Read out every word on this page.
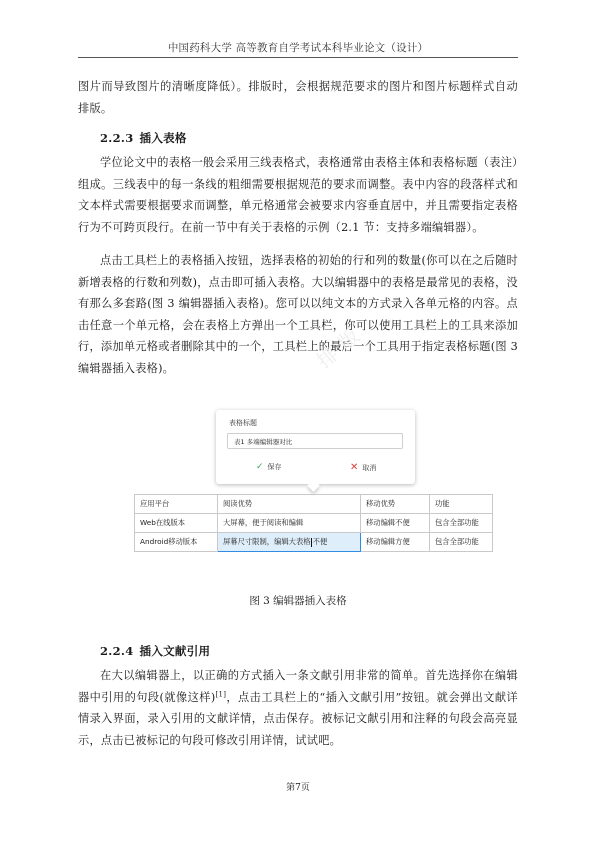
中国药科大学 高等教育自学考试本科毕业论文（设计）
图片而导致图片的清晰度降低）。排版时，会根据规范要求的图片和图片标题样式自动排版。
2.2.3 插入表格
学位论文中的表格一般会采用三线表格式，表格通常由表格主体和表格标题（表注）组成。三线表中的每一条线的粗细需要根据规范的要求而调整。表中内容的段落样式和文本样式需要根据要求而调整，单元格通常会被要求内容垂直居中，并且需要指定表格行为不可跨页段行。在前一节中有关于表格的示例（2.1 节：支持多端编辑器）。
点击工具栏上的表格插入按钮，选择表格的初始的行和列的数量(你可以在之后随时新增表格的行数和列数)，点击即可插入表格。大以编辑器中的表格是最常见的表格，没有那么多套路(图 3 编辑器插入表格)。您可以以纯文本的方式录入各单元格的内容。点击任意一个单元格，会在表格上方弹出一个工具栏，你可以使用工具栏上的工具来添加行，添加单元格或者删除其中的一个，工具栏上的最后一个工具用于指定表格标题(图 3 编辑器插入表格)。	排版
表格标题
表1 多端编辑器对比
✓ 保存	✕ 取消
应用平台	阅读优势	移动优势	功能
Web在线版本	大屏幕，便于阅读和编辑	移动编辑不便	包含全部功能
Android移动版本	屏幕尺寸限制，编辑大表格 不便	移动编辑方便	包含全部功能
图 3 编辑器插入表格
2.2.4 插入文献引用
在大以编辑器上，以正确的方式插入一条文献引用非常的简单。首先选择你在编辑器中引用的句段(就像这样)[1]，点击工具栏上的“插入文献引用”按钮。就会弹出文献详情录入界面，录入引用的文献详情，点击保存。被标记文献引用和注释的句段会高亮显示，点击已被标记的句段可修改引用详情，试试吧。
第7页
